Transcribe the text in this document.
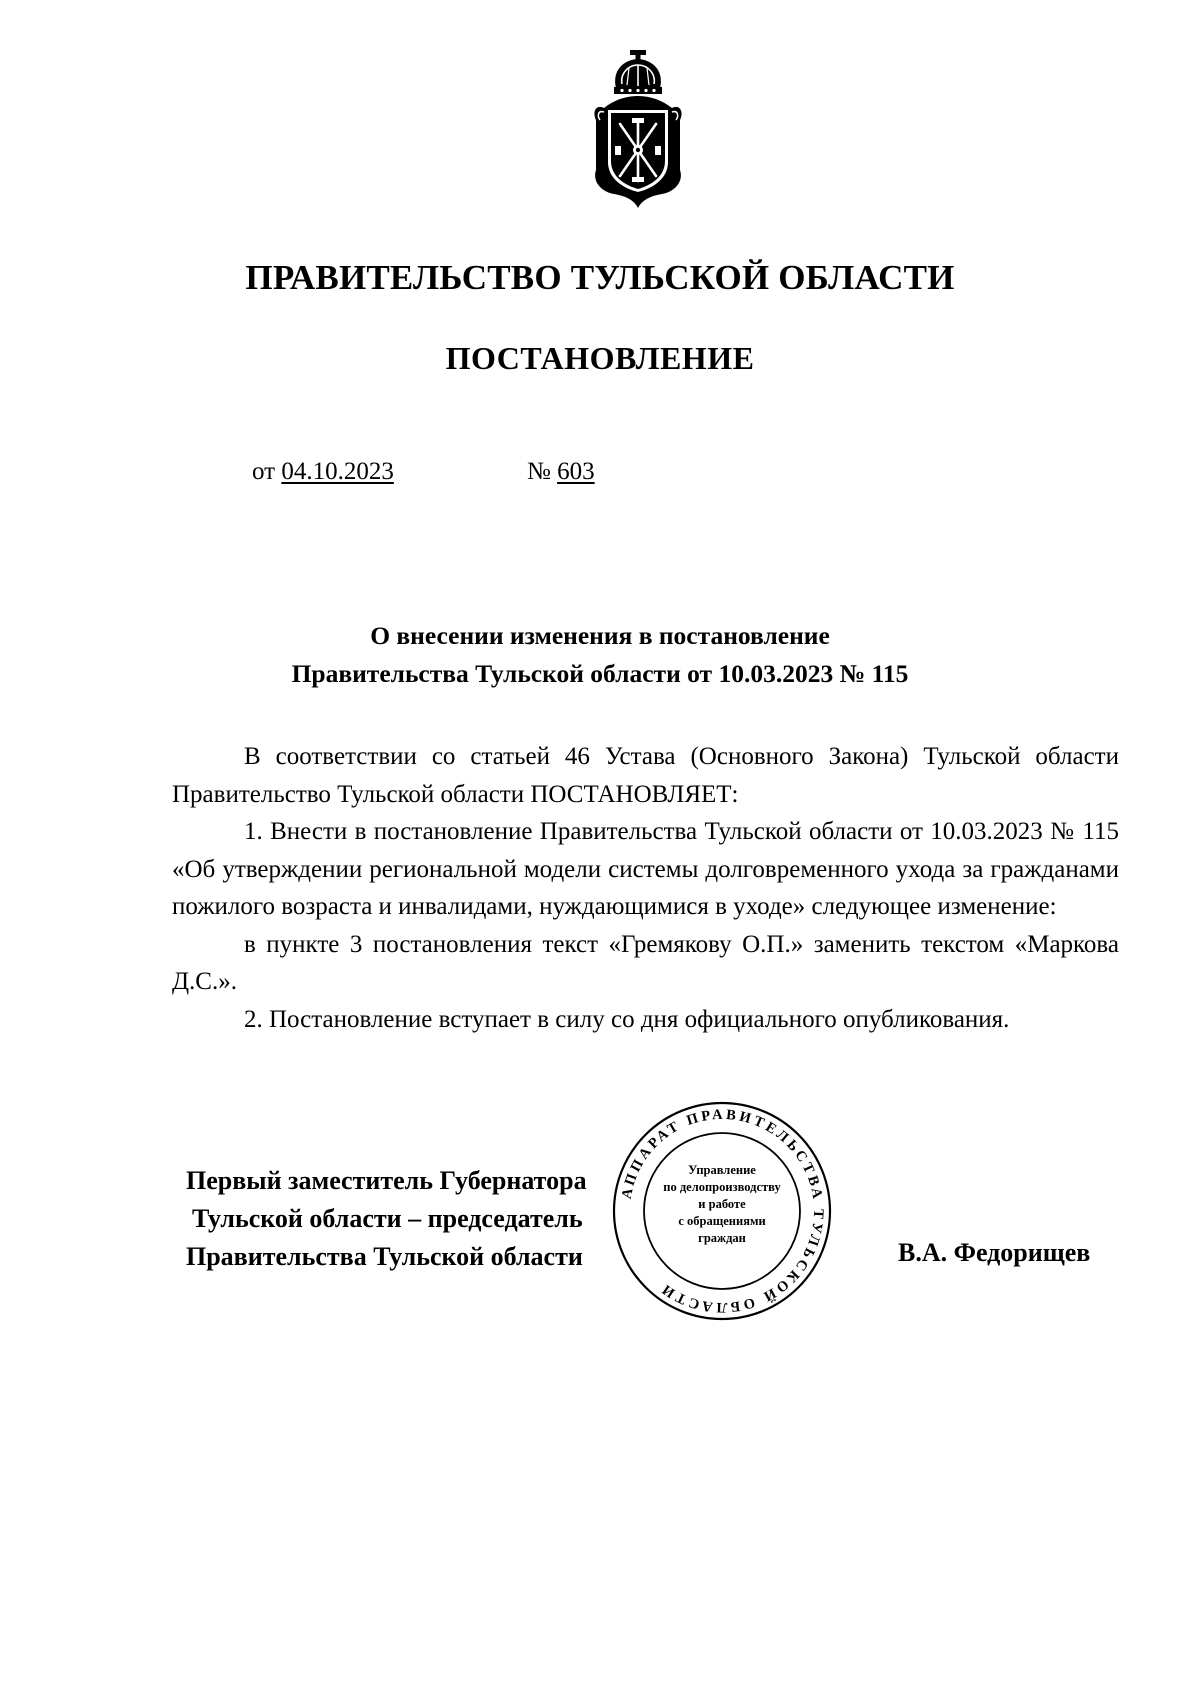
ПРАВИТЕЛЬСТВО ТУЛЬСКОЙ ОБЛАСТИ
ПОСТАНОВЛЕНИЕ
от 04.10.2023	№ 603
О внесении изменения в постановление
Правительства Тульской области от 10.03.2023 № 115

В соответствии со статьей 46 Устава (Основного Закона) Тульской области Правительство Тульской области ПОСТАНОВЛЯЕТ:

1. Внести в постановление Правительства Тульской области от 10.03.2023 № 115 «Об утверждении региональной модели системы долговременного ухода за гражданами пожилого возраста и инвалидами, нуждающимися в уходе» следующее изменение:

в пункте 3 постановления текст «Гремякову О.П.» заменить текстом «Маркова Д.С.».

2. Постановление вступает в силу со дня официального опубликования.

АППАРАТ ПРАВИТЕЛЬСТВА ТУЛЬСКОЙ ОБЛАСТИ
Управление
по делопроизводству
и работе
с обращениями
граждан
Первый заместитель Губернатора
Тульской области – председатель
Правительства Тульской области	В.А. Федорищев
